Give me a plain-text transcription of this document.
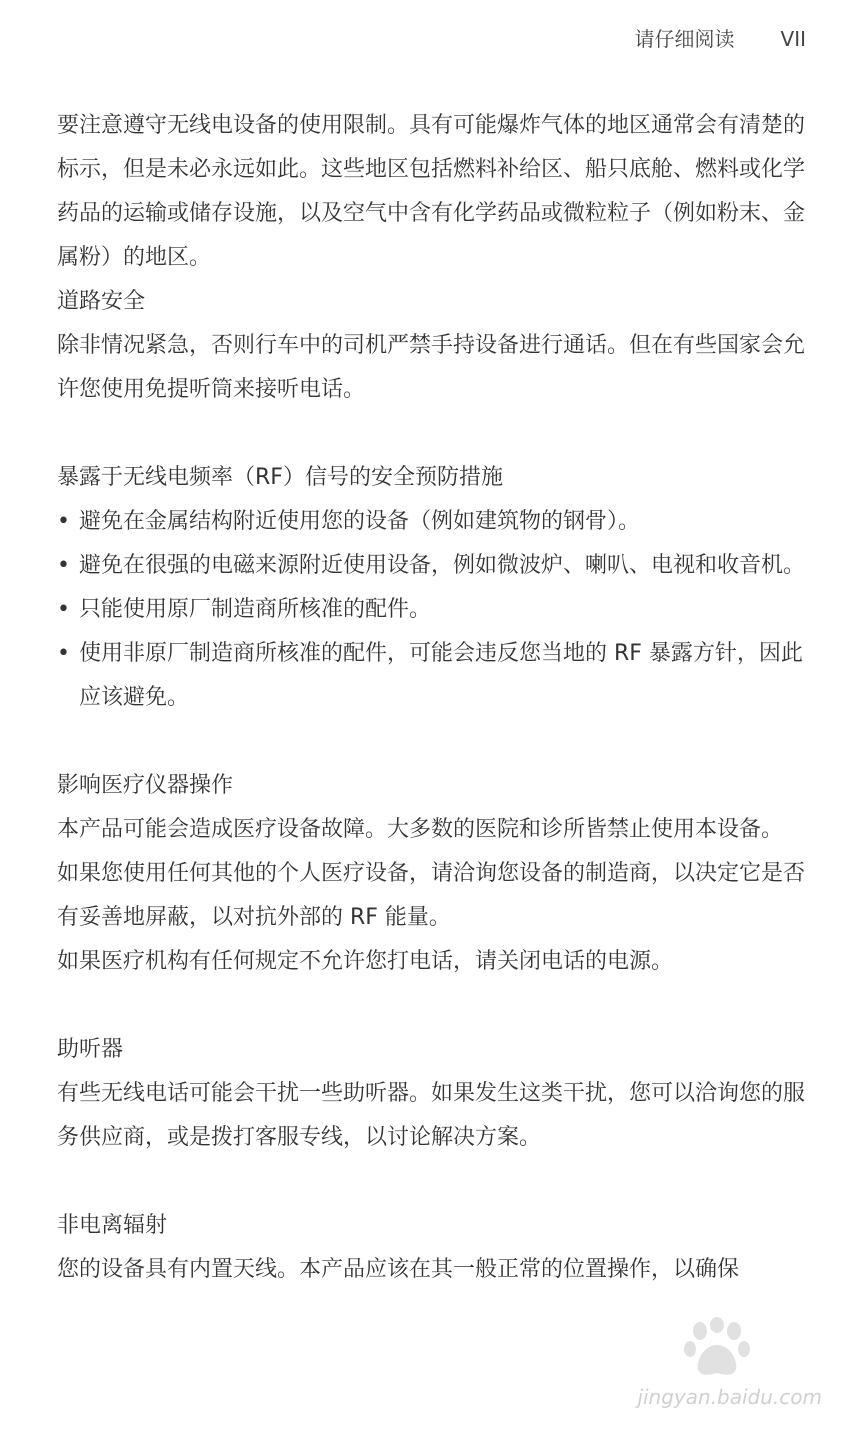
请仔细阅读 VII

要注意遵守无线电设备的使用限制。具有可能爆炸气体的地区通常会有清楚的标示，但是未必永远如此。这些地区包括燃料补给区、船只底舱、燃料或化学药品的运输或储存设施，以及空气中含有化学药品或微粒粒子（例如粉末、金属粉）的地区。

道路安全

除非情况紧急，否则行车中的司机严禁手持设备进行通话。但在有些国家会允许您使用免提听筒来接听电话。

暴露于无线电频率（RF）信号的安全预防措施
• 避免在金属结构附近使用您的设备（例如建筑物的钢骨）。
• 避免在很强的电磁来源附近使用设备，例如微波炉、喇叭、电视和收音机。
• 只能使用原厂制造商所核准的配件。
• 使用非原厂制造商所核准的配件，可能会违反您当地的 RF 暴露方针，因此应该避免。
影响医疗仪器操作

本产品可能会造成医疗设备故障。大多数的医院和诊所皆禁止使用本设备。

如果您使用任何其他的个人医疗设备，请洽询您设备的制造商，以决定它是否有妥善地屏蔽，以对抗外部的 RF 能量。

如果医疗机构有任何规定不允许您打电话，请关闭电话的电源。

助听器

有些无线电话可能会干扰一些助听器。如果发生这类干扰，您可以洽询您的服务供应商，或是拨打客服专线，以讨论解决方案。

非电离辐射

您的设备具有内置天线。本产品应该在其一般正常的位置操作，以确保

jingyan.baidu.com
